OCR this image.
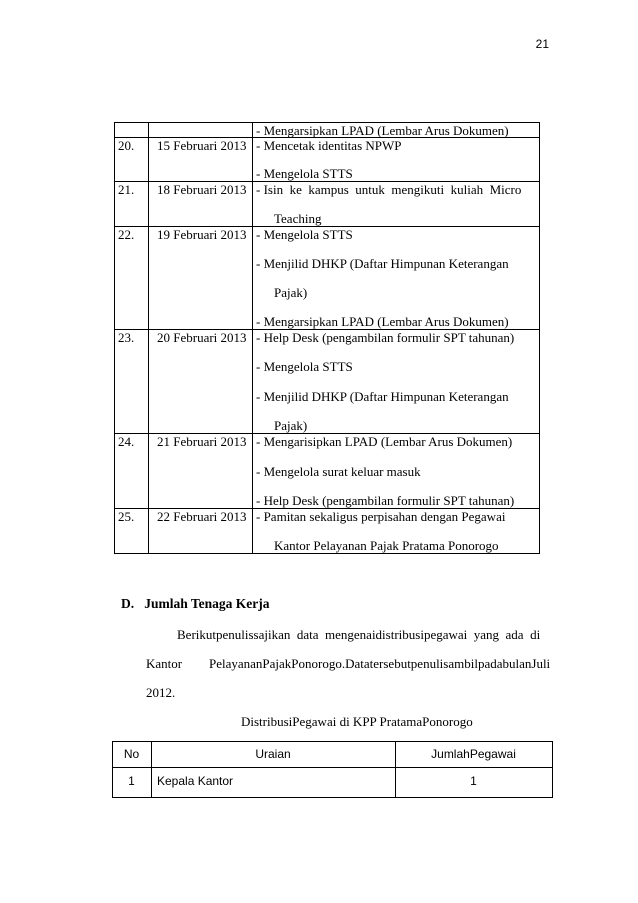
21
- Mengarsipkan LPAD (Lembar Arus Dokumen)
20. 15 Februari 2013 - Mencetak identitas NPWP
- Mengelola STTS
21. 18 Februari 2013 - Isin  ke  kampus  untuk  mengikuti  kuliah  Micro
Teaching
22. 19 Februari 2013 - Mengelola STTS
- Menjilid DHKP (Daftar Himpunan Keterangan
Pajak)
- Mengarsipkan LPAD (Lembar Arus Dokumen)
23. 20 Februari 2013 - Help Desk (pengambilan formulir SPT tahunan)
- Mengelola STTS
- Menjilid DHKP (Daftar Himpunan Keterangan
Pajak)
24. 21 Februari 2013 - Mengarisipkan LPAD (Lembar Arus Dokumen)
- Mengelola surat keluar masuk
- Help Desk (pengambilan formulir SPT tahunan)
25. 22 Februari 2013 - Pamitan sekaligus perpisahan dengan Pegawai
Kantor Pelayanan Pajak Pratama Ponorogo
D.   Jumlah Tenaga Kerja
Berikutpenulissajikan  data  mengenaidistribusipegawai  yang  ada  di
Kantor PelayananPajakPonorogo.DatatersebutpenulisambilpadabulanJuli
2012.
DistribusiPegawai di KPP PratamaPonorogo
No	Uraian	JumlahPegawai
1	Kepala Kantor	1
